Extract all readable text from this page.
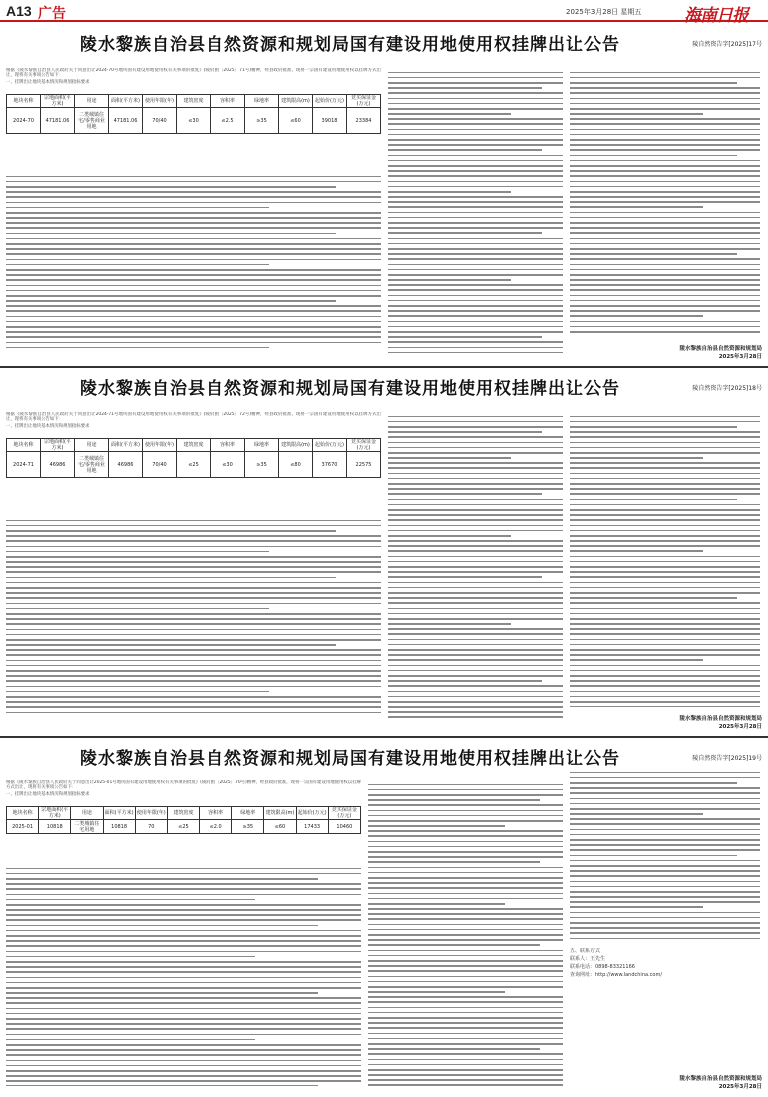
A13 广告	2025年3月28日 星期五	海南日报
陵水黎族自治县自然资源和规划局国有建设用地使用权挂牌出让公告	陵自然资告字[2025]17号

根据《陵水黎族自治县人民政府关于同意出让2024-70号地块国有建设用地使用权有关事项的批复》(陵府函〔2025〕71号)精神，经县政府批准，现将一宗国有建设用地使用权以挂牌方式出让，现将有关事项公告如下：

一、挂牌出让地块基本情况和规划指标要求

地块名称	宗地面积(平方米)	用途	面积(平方米)	使用年限(年)	建筑密度	容积率	绿地率	建筑限高(m)	起始价(万元)	竞买保证金(万元)
2024-70	47181.06	二类城镇住宅/零售商业用地	47181.06	70/40	≤30	≤2.5	≥35	≤60	39018	23384
陵水黎族自治县自然资源和规划局
2025年3月28日
陵水黎族自治县自然资源和规划局国有建设用地使用权挂牌出让公告	陵自然资告字[2025]18号

根据《陵水黎族自治县人民政府关于同意出让2024-71号地块国有建设用地使用权有关事项的批复》(陵府函〔2025〕72号)精神，经县政府批准，现将一宗国有建设用地使用权以挂牌方式出让，现将有关事项公告如下：

一、挂牌出让地块基本情况和规划指标要求

地块名称	宗地面积(平方米)	用途	面积(平方米)	使用年限(年)	建筑密度	容积率	绿地率	建筑限高(m)	起始价(万元)	竞买保证金(万元)
2024-71	46986	二类城镇住宅/零售商业用地	46986	70/40	≤25	≤30	≥35	≤80	37670	22575
陵水黎族自治县自然资源和规划局
2025年3月28日
陵水黎族自治县自然资源和规划局国有建设用地使用权挂牌出让公告	陵自然资告字[2025]19号

根据《陵水黎族自治县人民政府关于同意出让2025-01号地块国有建设用地使用权有关事项的批复》(陵府函〔2025〕70号)精神，经县政府批准，现将一宗国有建设用地使用权以挂牌方式出让，现将有关事项公告如下：

一、挂牌出让地块基本情况和规划指标要求

地块名称	宗地面积(平方米)	用途	面积(平方米)	使用年限(年)	建筑密度	容积率	绿地率	建筑限高(m)	起始价(万元)	竞买保证金(万元)
2025-01	10818	二类城镇住宅用地	10818	70	≤25	≤2.0	≥35	≤60	17433	10460

五、联系方式

联系人：王先生

联系电话：0898-83321166

查询网址：http://www.landchina.com/

陵水黎族自治县自然资源和规划局
2025年3月28日
